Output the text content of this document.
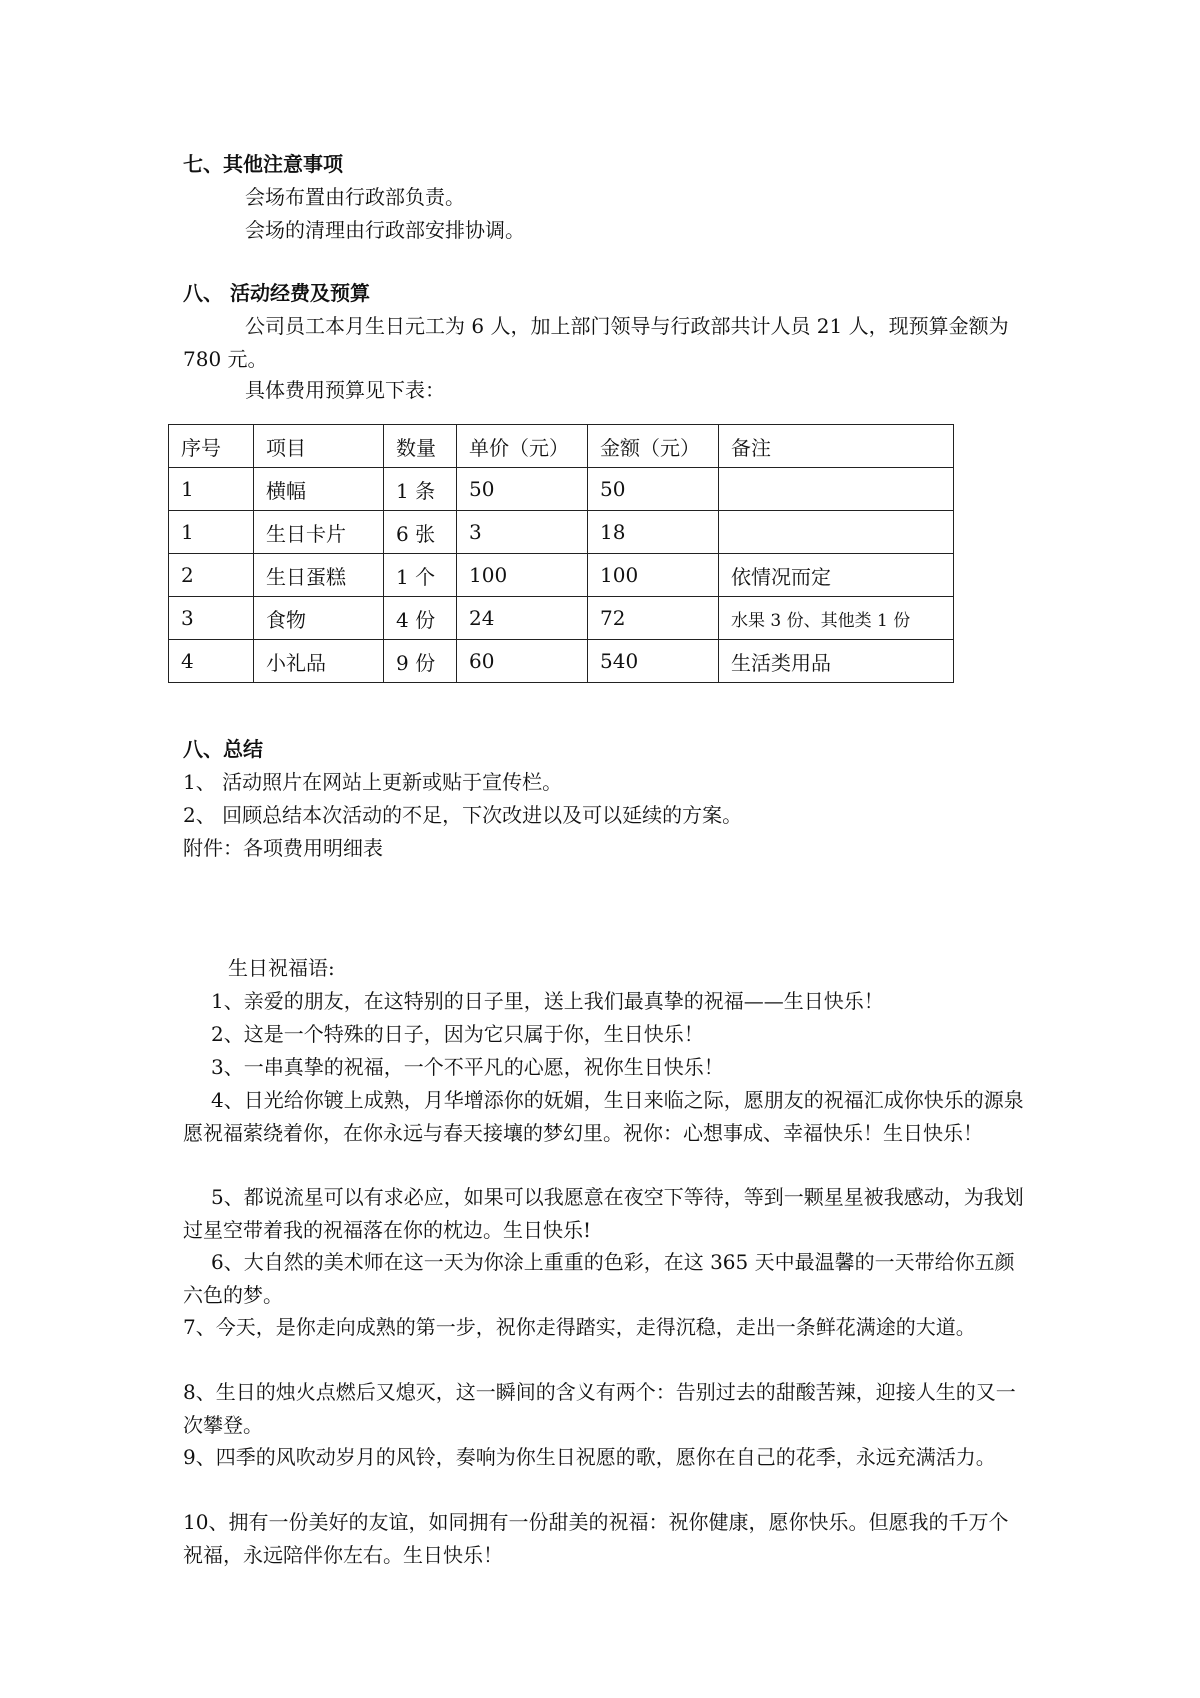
七、其他注意事项
会场布置由行政部负责。
会场的清理由行政部安排协调。
八、 活动经费及预算
公司员工本月生日元工为 6 人，加上部门领导与行政部共计人员 21 人，现预算金额为 780 元。
具体费用预算见下表：
序号	项目	数量	单价（元）	金额（元）	备注
1	横幅	1 条	50	50	
1	生日卡片	6 张	3	18	
2	生日蛋糕	1 个	100	100	依情况而定
3	食物	4 份	24	72	水果 3 份、其他类 1 份
4	小礼品	9 份	60	540	生活类用品
八、总结
1、 活动照片在网站上更新或贴于宣传栏。
2、 回顾总结本次活动的不足，下次改进以及可以延续的方案。
附件：各项费用明细表
生日祝福语:
1、亲爱的朋友，在这特别的日子里，送上我们最真挚的祝福——生日快乐！
2、这是一个特殊的日子，因为它只属于你，生日快乐！
3、一串真挚的祝福，一个不平凡的心愿，祝你生日快乐！
4、日光给你镀上成熟，月华增添你的妩媚，生日来临之际，愿朋友的祝福汇成你快乐的源泉愿祝福萦绕着你，在你永远与春天接壤的梦幻里。祝你：心想事成、幸福快乐！生日快乐！
5、都说流星可以有求必应，如果可以我愿意在夜空下等待，等到一颗星星被我感动，为我划过星空带着我的祝福落在你的枕边。生日快乐!
6、大自然的美术师在这一天为你涂上重重的色彩，在这 365 天中最温馨的一天带给你五颜六色的梦。
7、今天，是你走向成熟的第一步，祝你走得踏实，走得沉稳，走出一条鲜花满途的大道。
8、生日的烛火点燃后又熄灭，这一瞬间的含义有两个：告别过去的甜酸苦辣，迎接人生的又一次攀登。
9、四季的风吹动岁月的风铃，奏响为你生日祝愿的歌，愿你在自己的花季，永远充满活力。
10、拥有一份美好的友谊，如同拥有一份甜美的祝福：祝你健康，愿你快乐。但愿我的千万个祝福，永远陪伴你左右。生日快乐！
